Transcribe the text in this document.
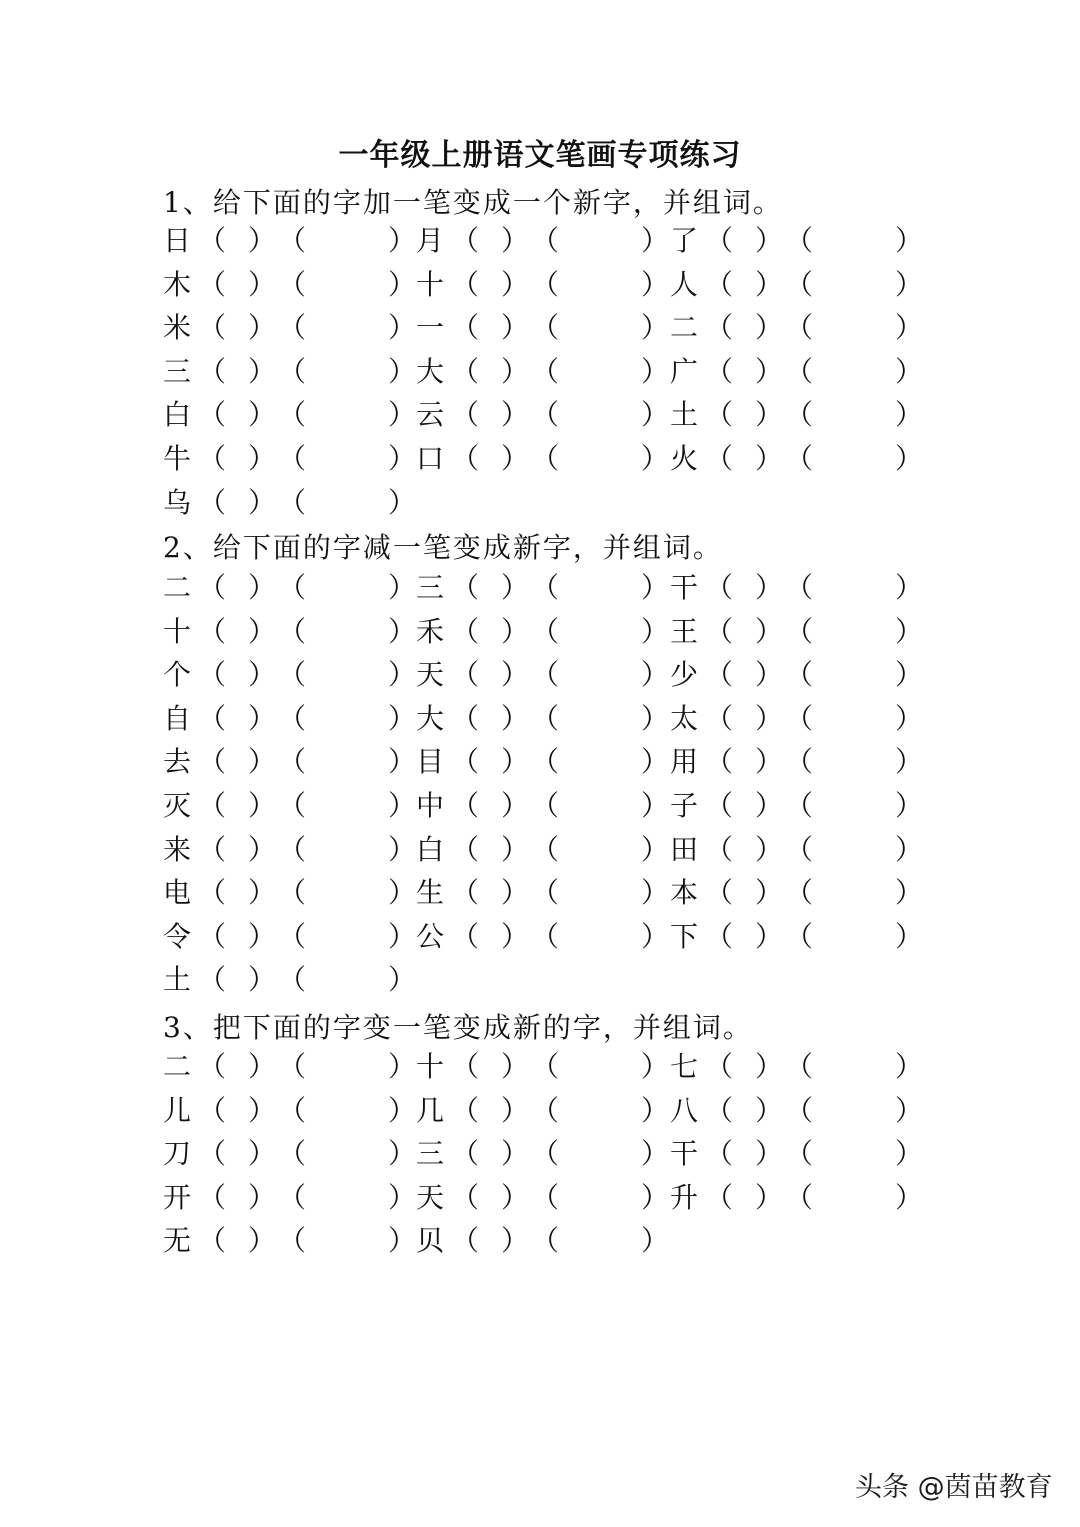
一年级上册语文笔画专项练习
1、给下面的字加一笔变成一个新字，并组词。
日 （ ） （	） 月 （ ） （	） 了 （ ） （	）
木 （ ） （	） 十 （ ） （	） 人 （ ） （	）
米 （ ） （	） 一 （ ） （	） 二 （ ） （	）
三 （ ） （	） 大 （ ） （	） 广 （ ） （	）
白 （ ） （	） 云 （ ） （	） 土 （ ） （	）
牛 （ ） （	） 口 （ ） （	） 火 （ ） （	）
乌 （ ） （	）
2、给下面的字减一笔变成新字，并组词。
二 （ ） （	） 三 （ ） （	） 干 （ ） （	）
十 （ ） （	） 禾 （ ） （	） 王 （ ） （	）
个 （ ） （	） 天 （ ） （	） 少 （ ） （	）
自 （ ） （	） 大 （ ） （	） 太 （ ） （	）
去 （ ） （	） 目 （ ） （	） 用 （ ） （	）
灭 （ ） （	） 中 （ ） （	） 子 （ ） （	）
来 （ ） （	） 白 （ ） （	） 田 （ ） （	）
电 （ ） （	） 生 （ ） （	） 本 （ ） （	）
令 （ ） （	） 公 （ ） （	） 下 （ ） （	）
土 （ ） （	）
3、把下面的字变一笔变成新的字，并组词。
二 （ ） （	） 十 （ ） （	） 七 （ ） （	）
儿 （ ） （	） 几 （ ） （	） 八 （ ） （	）
刀 （ ） （	） 三 （ ） （	） 干 （ ） （	）
开 （ ） （	） 天 （ ） （	） 升 （ ） （	）
无 （ ） （	） 贝 （ ） （	）
头条 @茵苗教育
